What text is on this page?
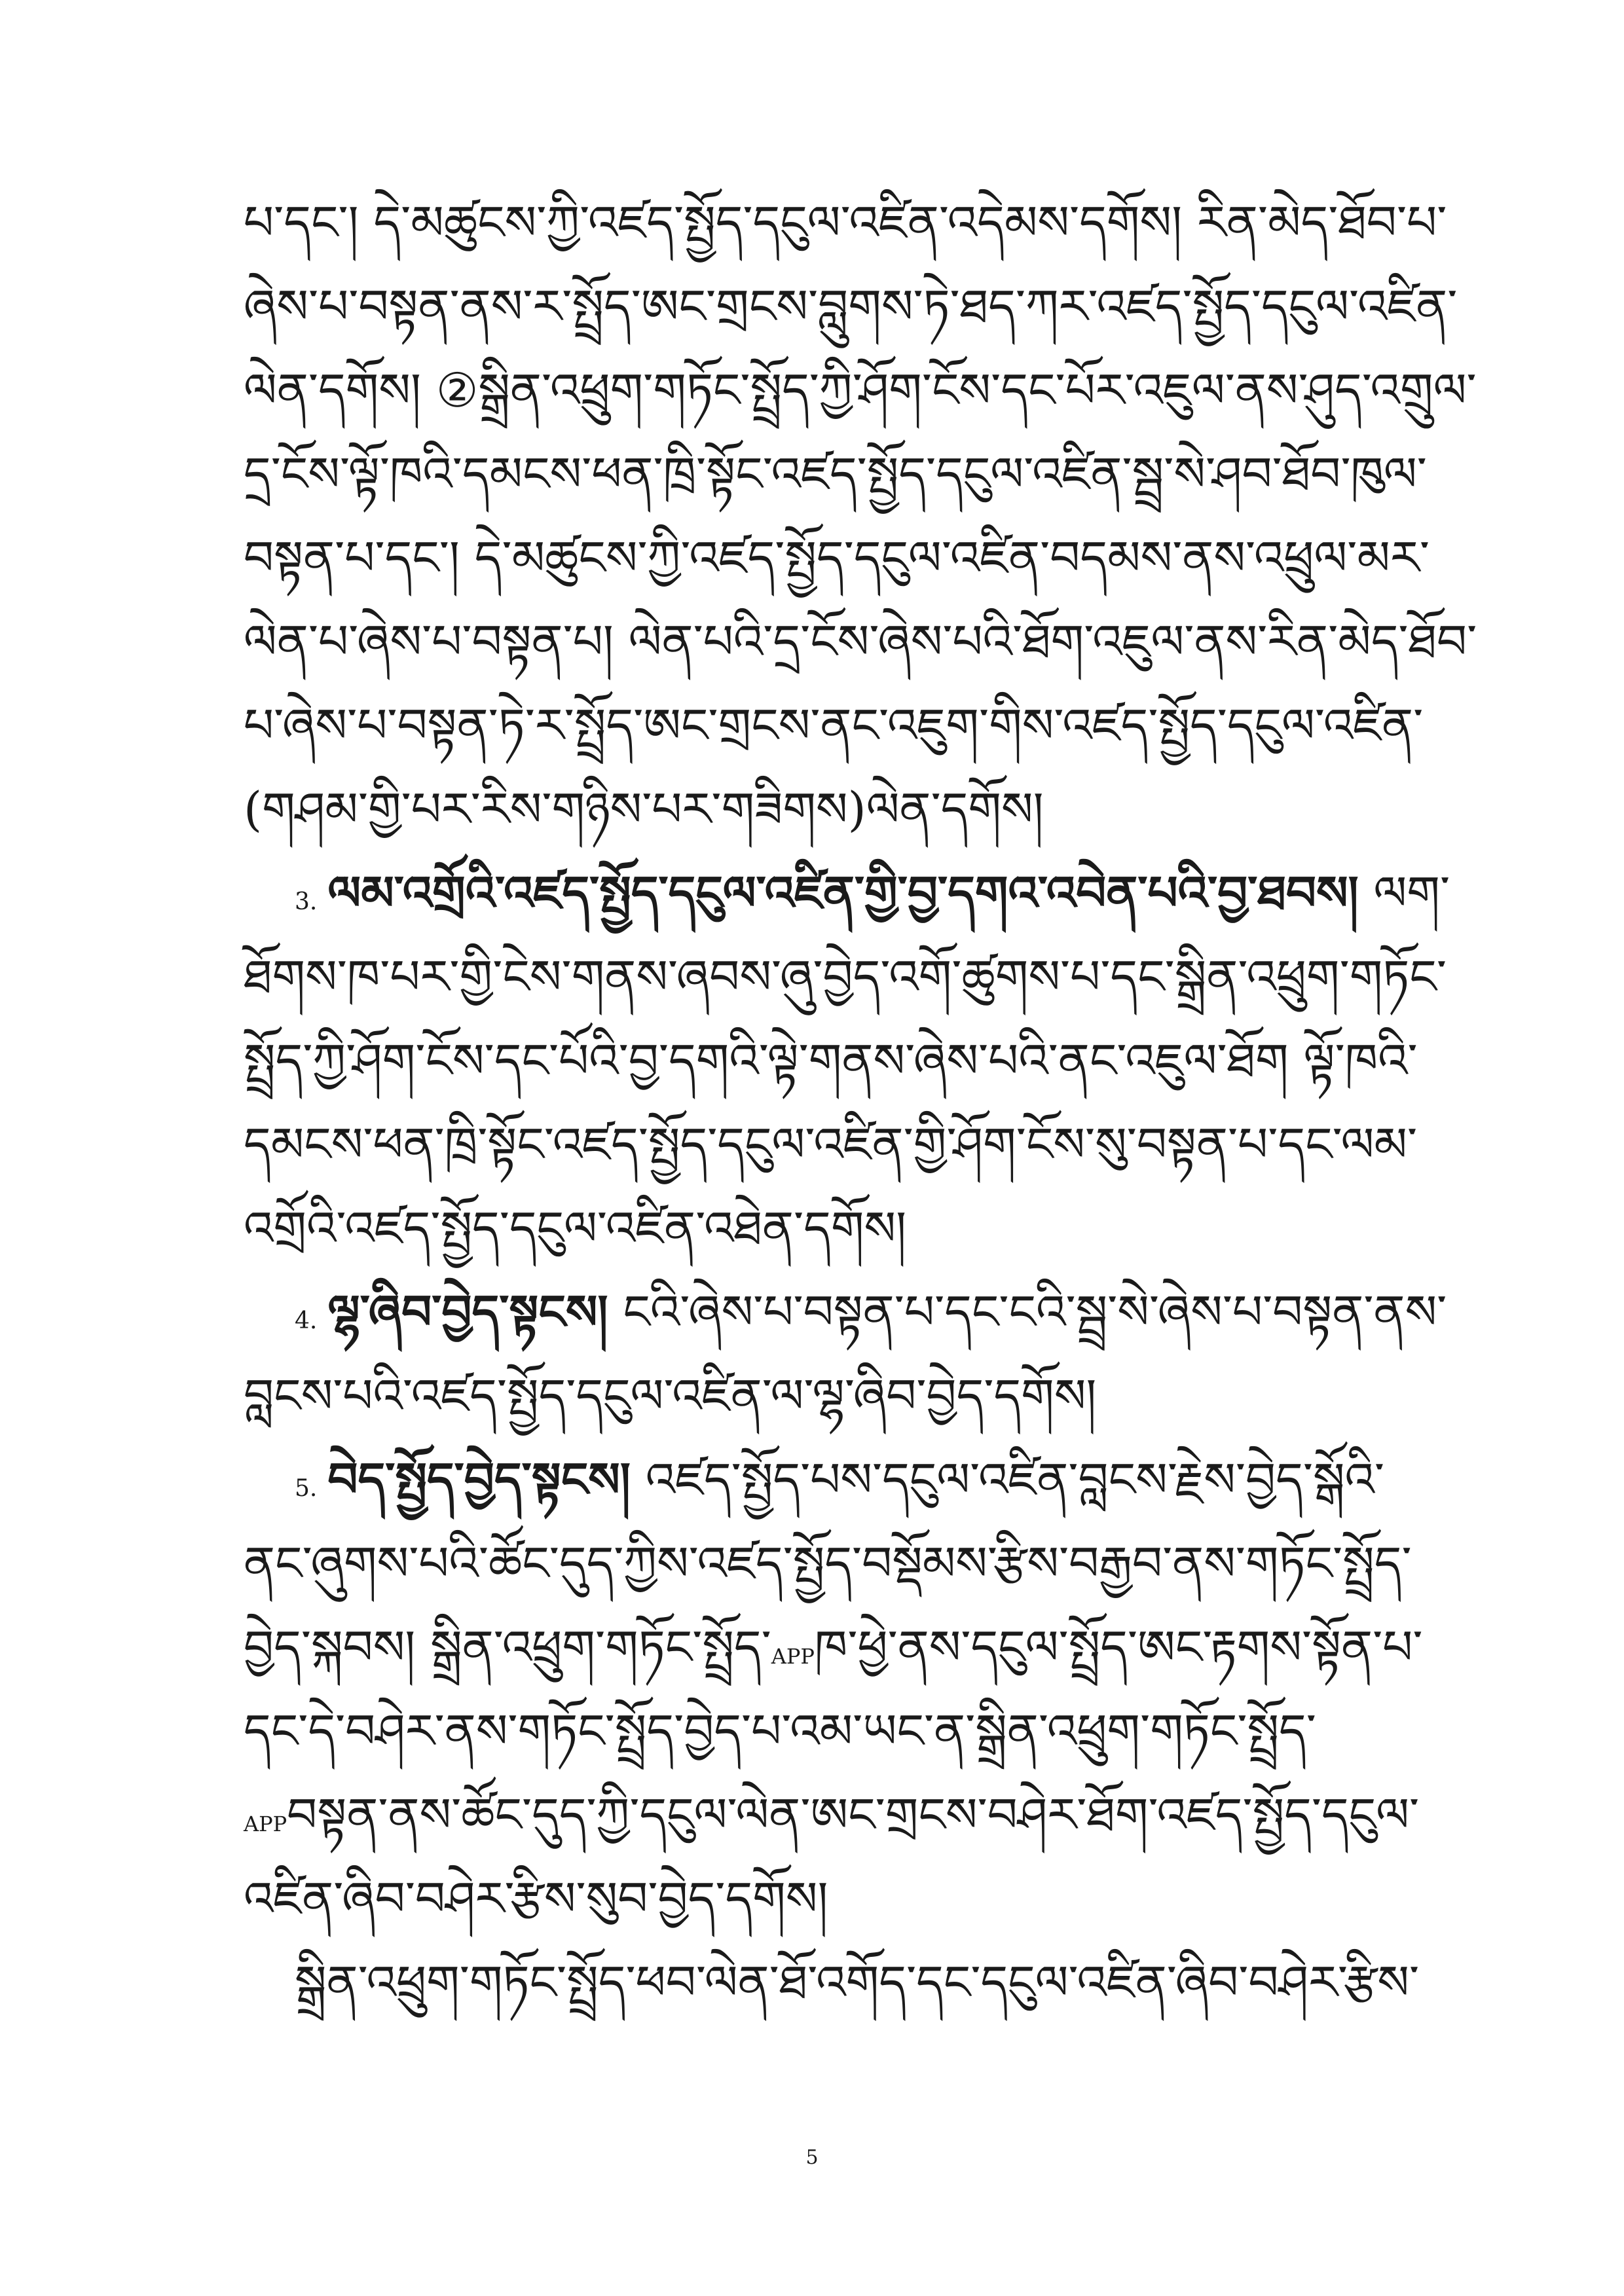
པ་དང་། དེ་མཚུངས་ཀྱི་འཛད་སྤྱོད་དངུལ་འཛིན་འདེམས་དགོས། རིན་མེད་ཐོབ་པ་
ཞེས་པ་བསྟན་ནས་ར་སྤྲོད་ཨང་གྲངས་བླུགས་ཏེ་ཐད་ཀར་འཛད་སྤྱོད་དངུལ་འཛིན་
ལེན་དགོས། ②སྒྲིན་འཕྲུག་གཏོང་སྤྲོད་ཀྱི་ཤོག་ངོས་དང་པོར་འཇུལ་ནས་ཤུད་འགྲུལ་
དྲ་ངོས་ལྟོ་ཁའི་དམངས་ཕན་ཁྲི་སྟོང་འཛད་སྤྱོད་དངུལ་འཛིན་སྦྲ་སེ་ཤབ་ཐོབ་ཁུལ་
བསྟན་པ་དང་། དེ་མཚུངས་ཀྱི་འཛད་སྤྱོད་དངུལ་འཛིན་བདམས་ནས་འཕྲུལ་མར་
ལེན་པ་ཞེས་པ་བསྟན་པ། ལེན་པའི་དྲ་ངོས་ཞེས་པའི་ཐོག་འཇུལ་ནས་རིན་མེད་ཐོབ་
པ་ཞེས་པ་བསྟན་ཏེ་ར་སྤྲོད་ཨང་གྲངས་ནང་འཇུག་གིས་འཛད་སྤྱོད་དངུལ་འཛིན་
(གཤམ་གྱི་པར་རིས་གཉིས་པར་གཟིགས)ལེན་དགོས།
3. ལམ་འགྲོའི་འཛད་སྤྱོད་དངུལ་འཛིན་གྱི་བྱ་དགའ་འབེན་པའི་བྱ་ཐབས། ལག་
ཐོགས་ཁ་པར་གྱི་ངེས་གནས་ཞབས་ཞུ་བྱེད་འགོ་ཚུགས་པ་དང་སྒྲིན་འཕྲུག་གཏོང་
སྤྲོད་ཀྱི་ཤོག་ངོས་དང་པོའི་བྱ་དགའི་ལྟེ་གནས་ཞེས་པའི་ནང་འཇུལ་ཐོག ལྟོ་ཁའི་
དམངས་ཕན་ཁྲི་སྟོང་འཛད་སྤྱོད་དངུལ་འཛིན་གྱི་ཤོག་ངོས་སུ་བསྟན་པ་དང་ལམ་
འགྲོའི་འཛད་སྤྱོད་དངུལ་འཛིན་འཐེན་དགོས།
4. ལྷ་ཞིབ་བྱེད་སྟངས། ངའི་ཞེས་པ་བསྟན་པ་དང་ངའི་སྦྲ་སེ་ཞེས་པ་བསྟན་ནས་
བླངས་པའི་འཛད་སྤྱོད་དངུལ་འཛིན་ལ་ལྷ་ཞིབ་བྱེད་དགོས།
5. བེད་སྤྱོད་བྱེད་སྟངས། འཛད་སྤྱོད་པས་དངུལ་འཛིན་བླངས་རྗེས་བྱེད་སྒོའི་
ནང་ཞུགས་པའི་ཚོང་དུད་ཀྱིས་འཛད་སྤྱོད་བསྡོམས་རྩིས་བརྒྱབ་ནས་གཏོང་སྤྲོད་
བྱེད་སྐབས། སྒྲིན་འཕྲུག་གཏོང་སྤྲོད་APPཁ་ཕྱེ་ནས་དངུལ་སྤྲོད་ཨང་རྟགས་སྟོན་པ་
དང་དེ་བཤེར་ནས་གཏོང་སྤྲོད་བྱེད་པ་འམ་ཡང་ན་སྒྲིན་འཕྲུག་གཏོང་སྤྲོད་
APPབསྟན་ནས་ཚོང་དུད་ཀྱི་དངུལ་ལེན་ཨང་གྲངས་བཤེར་ཐོག་འཛད་སྤྱོད་དངུལ་
འཛིན་ཞིབ་བཤེར་རྩིས་སུབ་བྱེད་དགོས།
སྒྲིན་འཕྲུག་གཏོང་སྤྲོད་ཕབ་ལེན་ཐོ་འགོད་དང་དངུལ་འཛིན་ཞིབ་བཤེར་རྩིས་
5
